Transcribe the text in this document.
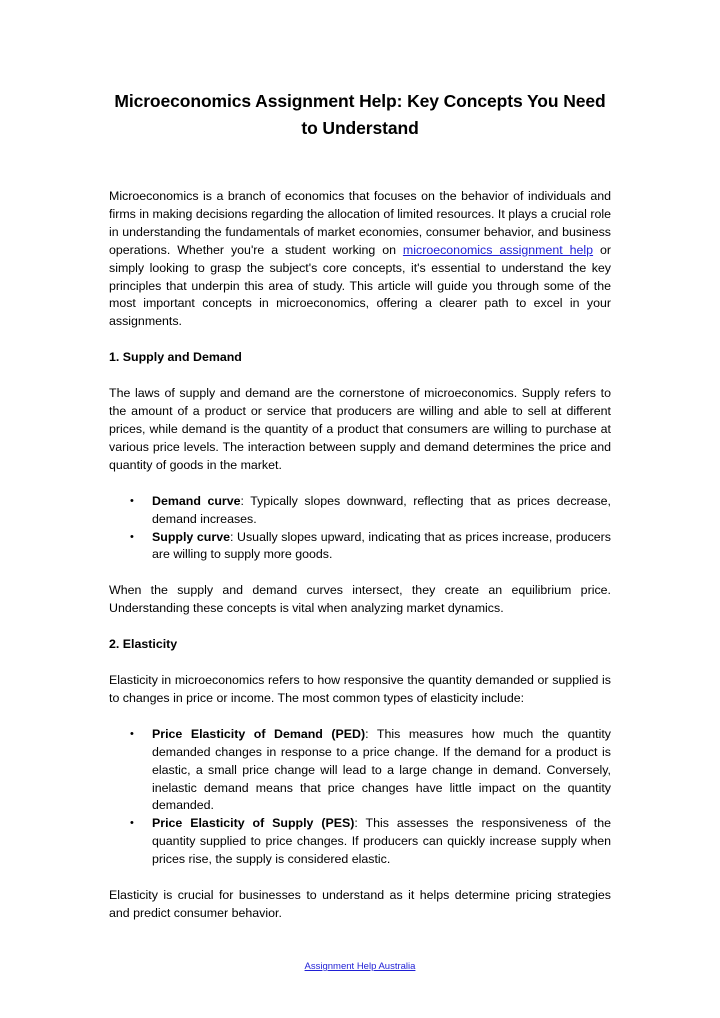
Microeconomics Assignment Help: Key Concepts You Need to Understand

Microeconomics is a branch of economics that focuses on the behavior of individuals and firms in making decisions regarding the allocation of limited resources. It plays a crucial role in understanding the fundamentals of market economies, consumer behavior, and business operations. Whether you're a student working on microeconomics assignment help or simply looking to grasp the subject's core concepts, it's essential to understand the key principles that underpin this area of study. This article will guide you through some of the most important concepts in microeconomics, offering a clearer path to excel in your assignments.

1. Supply and Demand

The laws of supply and demand are the cornerstone of microeconomics. Supply refers to the amount of a product or service that producers are willing and able to sell at different prices, while demand is the quantity of a product that consumers are willing to purchase at various price levels. The interaction between supply and demand determines the price and quantity of goods in the market.

• Demand curve: Typically slopes downward, reflecting that as prices decrease, demand increases.
• Supply curve: Usually slopes upward, indicating that as prices increase, producers are willing to supply more goods.

When the supply and demand curves intersect, they create an equilibrium price. Understanding these concepts is vital when analyzing market dynamics.

2. Elasticity

Elasticity in microeconomics refers to how responsive the quantity demanded or supplied is to changes in price or income. The most common types of elasticity include:

• Price Elasticity of Demand (PED): This measures how much the quantity demanded changes in response to a price change. If the demand for a product is elastic, a small price change will lead to a large change in demand. Conversely, inelastic demand means that price changes have little impact on the quantity demanded.
• Price Elasticity of Supply (PES): This assesses the responsiveness of the quantity supplied to price changes. If producers can quickly increase supply when prices rise, the supply is considered elastic.

Elasticity is crucial for businesses to understand as it helps determine pricing strategies and predict consumer behavior.

Assignment Help Australia
